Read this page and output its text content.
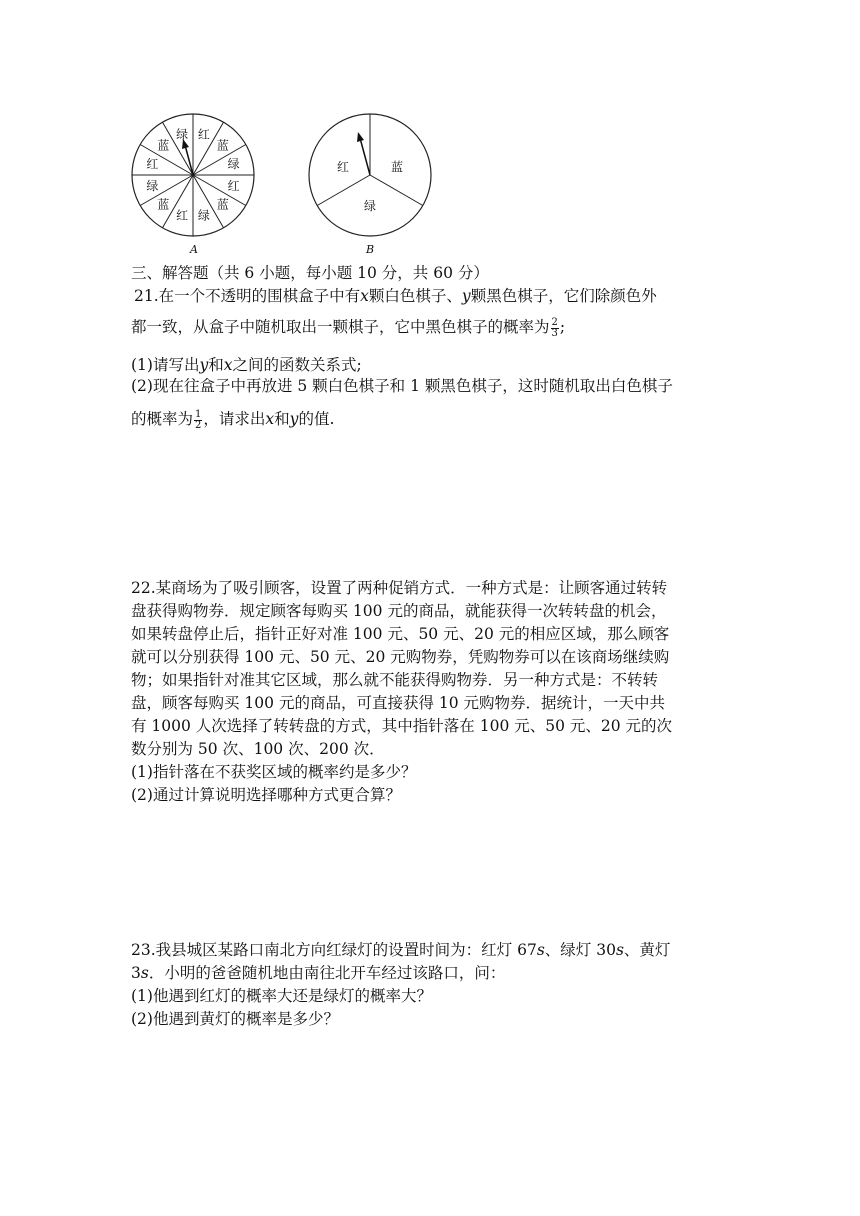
红
蓝
绿
红
蓝
绿
红
蓝
绿
红
蓝
绿
A
红	蓝
绿
B
三、解答题（共 6 小题，每小题 10 分，共 60 分）
21.在一个不透明的围棋盒子中有x颗白色棋子、y颗黑色棋子，它们除颜色外
都一致，从盒子中随机取出一颗棋子，它中黑色棋子的概率为 $\frac{2}{3}$ ;
(1)请写出y和x之间的函数关系式;
(2)现在往盒子中再放进 5 颗白色棋子和 1 颗黑色棋子，这时随机取出白色棋子
的概率为 $\frac{1}{2}$ ，请求出x和y的值.
22.某商场为了吸引顾客，设置了两种促销方式．一种方式是：让顾客通过转转
盘获得购物券．规定顾客每购买 100 元的商品，就能获得一次转转盘的机会，
如果转盘停止后，指针正好对准 100 元、50 元、20 元的相应区域，那么顾客
就可以分别获得 100 元、50 元、20 元购物券，凭购物券可以在该商场继续购
物；如果指针对准其它区域，那么就不能获得购物券．另一种方式是：不转转
盘，顾客每购买 100 元的商品，可直接获得 10 元购物券．据统计，一天中共
有 1000 人次选择了转转盘的方式，其中指针落在 100 元、50 元、20 元的次
数分别为 50 次、100 次、200 次．
(1)指针落在不获奖区域的概率约是多少？
(2)通过计算说明选择哪种方式更合算？
23.我县城区某路口南北方向红绿灯的设置时间为：红灯 67s、绿灯 30s、黄灯
3s．小明的爸爸随机地由南往北开车经过该路口，问：
(1)他遇到红灯的概率大还是绿灯的概率大？
(2)他遇到黄灯的概率是多少？
